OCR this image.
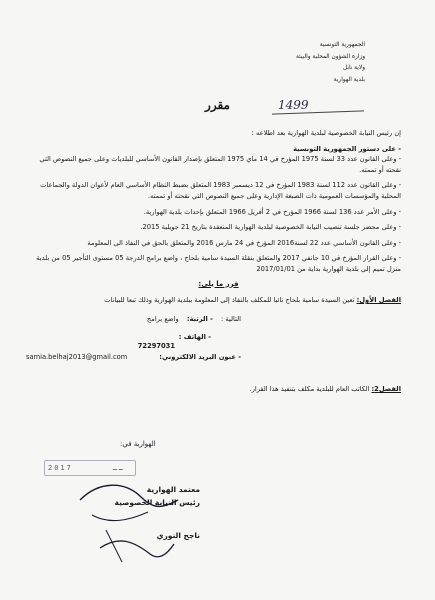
الجمهورية التونسية
وزارة الشؤون المحلية والبيئة
ولاية نابل
بلدية الهوارية
1499
مقرر

إن رئيس النيابة الخصوصية لبلدية الهوارية بعد اطلاعه :

- على دستور الجمهورية التونسية

- وعلى القانون عدد 33 لسنة 1975 المؤرخ في 14 ماي 1975 المتعلق بإصدار القانون الأساسي للبلديات وعلى جميع النصوص التي نقحته أو تممته.

- وعلى القانون عدد 112 لسنة 1983 المؤرخ في 12 ديسمبر 1983 المتعلق بضبط النظام الأساسي العام لأعوان الدولة والجماعات المحلية والمؤسسات العمومية ذات الصبغة الإدارية وعلى جميع النصوص التي نقحته أو تممته.

- وعلى الأمر عدد 136 لسنة 1966 المؤرخ في 2 أفريل 1966 المتعلق بإحداث بلدية الهوارية.

- وعلى محضر جلسة تنصيب النيابة الخصوصية لبلدية الهوارية المنعقدة بتاريخ 21 جويلية 2015.

- وعلى القانون الأساسي عدد 22 لسنة2016 المؤرخ في 24 مارس 2016 والمتعلق بالحق في النفاذ الى المعلومة

- وعلى القرار المؤرخ في 10 جانفي 2017 والمتعلق بنقلة السيدة سامية بلحاج ، واضع برامج الدرجة 05 مستوى التأجير 05 من بلدية منزل تميم إلى بلدية الهوارية بداية من 2017/01/01

قرر ما يلي:

الفصل الأول: تعين السيدة سامية بلحاج نائبا للمكلف بالنفاذ إلى المعلومة ببلدية الهوارية وذلك تبعا للبيانات

التالية : - الرتبة: واضع برامج
- الهاتف :
72297031
- عنون البريد الالكتروني:
samia.belhaj2013@gmail.com

الفصل2: الكاتب العام للبلدية مكلف بتنفيذ هذا القرار.

الهوارية في:
2017	~~
معتمد الهوارية
رئيس النيابة الخصوصية
ناجح النوري
